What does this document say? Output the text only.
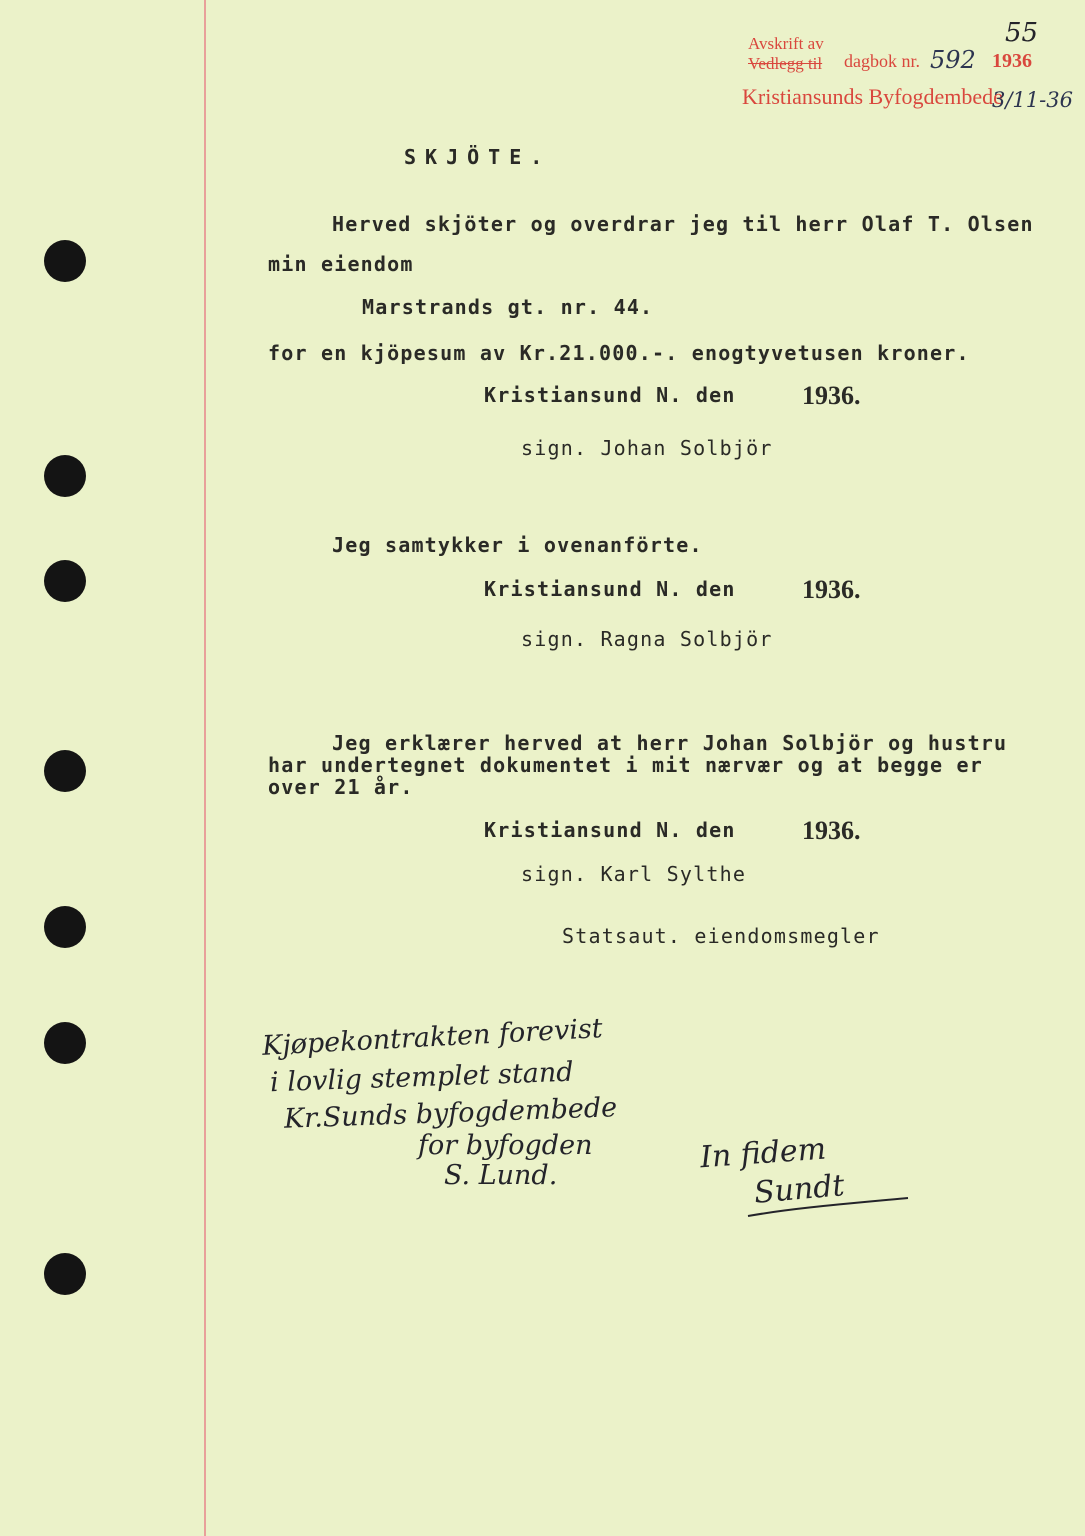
55
Avskrift av
Vedlegg til dagbok nr. 592 1936
Kristiansunds Byfogdembede
3/11-36
SKJÖTE.
Herved skjöter og overdrar jeg til herr Olaf T. Olsen
min eiendom
Marstrands gt. nr. 44.
for en kjöpesum av Kr.21.000.-. enogtyvetusen kroner.
Kristiansund N. den	1936.
sign. Johan Solbjör
Jeg samtykker i ovenanförte.
Kristiansund N. den	1936.
sign. Ragna Solbjör
Jeg erklærer herved at herr Johan Solbjör og hustru
har undertegnet dokumentet i mit nærvær og at begge er
over 21 år.
Kristiansund N. den	1936.
sign. Karl Sylthe
Statsaut. eiendomsmegler
Kjøpekontrakten forevist
i lovlig stemplet stand
Kr.Sunds byfogdembede
for byfogden
S. Lund.
In fidem
Sundt
